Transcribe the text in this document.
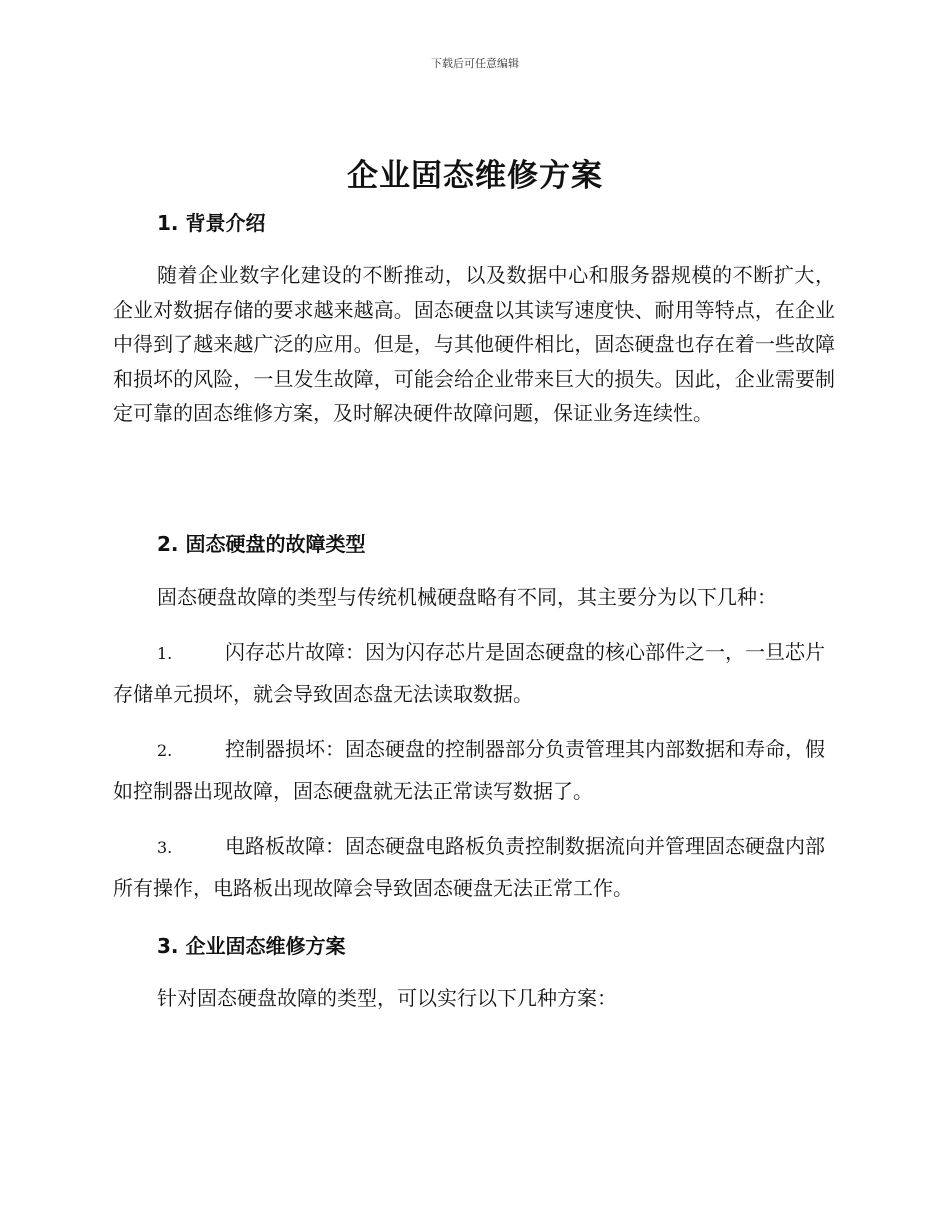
下载后可任意编辑
企业固态维修方案
1. 背景介绍

随着企业数字化建设的不断推动，以及数据中心和服务器规模的不断扩大，企业对数据存储的要求越来越高。固态硬盘以其读写速度快、耐用等特点，在企业中得到了越来越广泛的应用。但是，与其他硬件相比，固态硬盘也存在着一些故障和损坏的风险，一旦发生故障，可能会给企业带来巨大的损失。因此，企业需要制定可靠的固态维修方案，及时解决硬件故障问题，保证业务连续性。

2. 固态硬盘的故障类型

固态硬盘故障的类型与传统机械硬盘略有不同，其主要分为以下几种：

1.	闪存芯片故障：因为闪存芯片是固态硬盘的核心部件之一，一旦芯片存储单元损坏，就会导致固态盘无法读取数据。

2.	控制器损坏：固态硬盘的控制器部分负责管理其内部数据和寿命，假如控制器出现故障，固态硬盘就无法正常读写数据了。

3.	电路板故障：固态硬盘电路板负责控制数据流向并管理固态硬盘内部所有操作，电路板出现故障会导致固态硬盘无法正常工作。

3. 企业固态维修方案

针对固态硬盘故障的类型，可以实行以下几种方案：
